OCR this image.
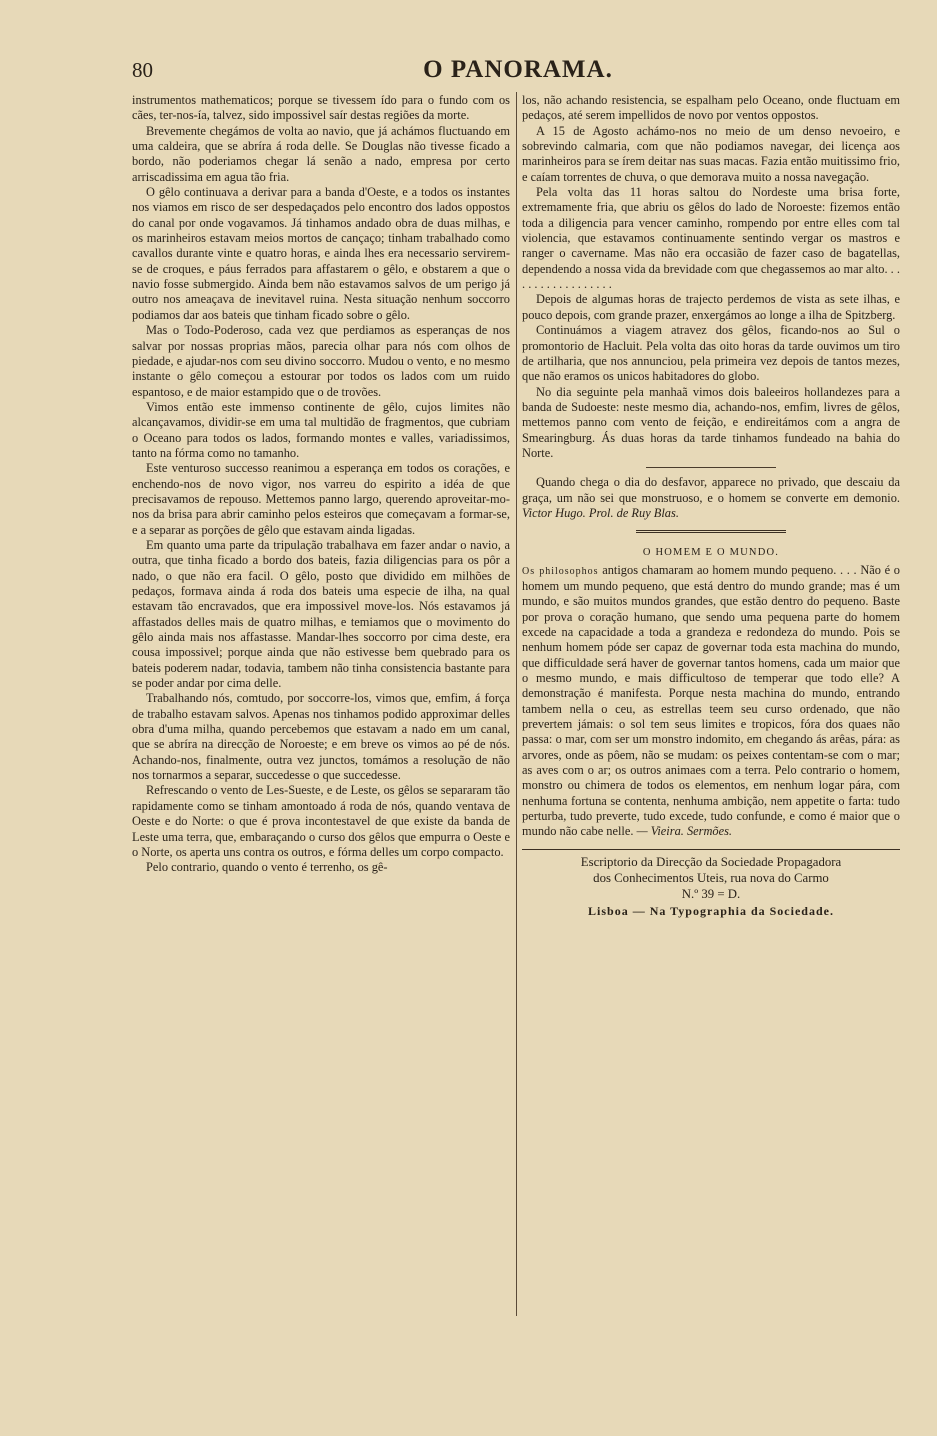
80	O PANORAMA.

instrumentos mathematicos; porque se tivessem ído para o fundo com os cães, ter-nos-ía, talvez, sido impossivel saír destas regiões da morte.

Brevemente chegámos de volta ao navio, que já achámos fluctuando em uma caldeira, que se abríra á roda delle. Se Douglas não tivesse ficado a bordo, não poderiamos chegar lá senão a nado, empresa por certo arriscadissima em agua tão fria.

O gêlo continuava a derivar para a banda d'Oeste, e a todos os instantes nos viamos em risco de ser despedaçados pelo encontro dos lados oppostos do canal por onde vogavamos. Já tinhamos andado obra de duas milhas, e os marinheiros estavam meios mortos de cançaço; tinham trabalhado como cavallos durante vinte e quatro horas, e ainda lhes era necessario servirem-se de croques, e páus ferrados para affastarem o gêlo, e obstarem a que o navio fosse submergido. Ainda bem não estavamos salvos de um perigo já outro nos ameaçava de inevitavel ruina. Nesta situação nenhum soccorro podiamos dar aos bateis que tinham ficado sobre o gêlo.

Mas o Todo-Poderoso, cada vez que perdiamos as esperanças de nos salvar por nossas proprias mãos, parecia olhar para nós com olhos de piedade, e ajudar-nos com seu divino soccorro. Mudou o vento, e no mesmo instante o gêlo começou a estourar por todos os lados com um ruido espantoso, e de maior estampido que o de trovões.

Vimos então este immenso continente de gêlo, cujos limites não alcançavamos, dividir-se em uma tal multidão de fragmentos, que cubriam o Oceano para todos os lados, formando montes e valles, variadissimos, tanto na fórma como no tamanho.

Este venturoso successo reanimou a esperança em todos os corações, e enchendo-nos de novo vigor, nos varreu do espirito a idéa de que precisavamos de repouso. Mettemos panno largo, querendo aproveitar-mo-nos da brisa para abrir caminho pelos esteiros que começavam a formar-se, e a separar as porções de gêlo que estavam ainda ligadas.

Em quanto uma parte da tripulação trabalhava em fazer andar o navio, a outra, que tinha ficado a bordo dos bateis, fazia diligencias para os pôr a nado, o que não era facil. O gêlo, posto que dividido em milhões de pedaços, formava ainda á roda dos bateis uma especie de ilha, na qual estavam tão encravados, que era impossivel move-los. Nós estavamos já affastados delles mais de quatro milhas, e temiamos que o movimento do gêlo ainda mais nos affastasse. Mandar-lhes soccorro por cima deste, era cousa impossivel; porque ainda que não estivesse bem quebrado para os bateis poderem nadar, todavia, tambem não tinha consistencia bastante para se poder andar por cima delle.

Trabalhando nós, comtudo, por soccorre-los, vimos que, emfim, á força de trabalho estavam salvos. Apenas nos tinhamos podido approximar delles obra d'uma milha, quando percebemos que estavam a nado em um canal, que se abríra na direcção de Noroeste; e em breve os vimos ao pé de nós. Achando-nos, finalmente, outra vez junctos, tomámos a resolução de não nos tornarmos a separar, succedesse o que succedesse.

Refrescando o vento de Les-Sueste, e de Leste, os gêlos se separaram tão rapidamente como se tinham amontoado á roda de nós, quando ventava de Oeste e do Norte: o que é prova incontestavel de que existe da banda de Leste uma terra, que, embaraçando o curso dos gêlos que empurra o Oeste e o Norte, os aperta uns contra os outros, e fórma delles um corpo compacto.

Pelo contrario, quando o vento é terrenho, os gê-

los, não achando resistencia, se espalham pelo Oceano, onde fluctuam em pedaços, até serem impellidos de novo por ventos oppostos.

A 15 de Agosto achámo-nos no meio de um denso nevoeiro, e sobrevindo calmaria, com que não podiamos navegar, dei licença aos marinheiros para se írem deitar nas suas macas. Fazia então muitissimo frio, e caíam torrentes de chuva, o que demorava muito a nossa navegação.

Pela volta das 11 horas saltou do Nordeste uma brisa forte, extremamente fria, que abriu os gêlos do lado de Noroeste: fizemos então toda a diligencia para vencer caminho, rompendo por entre elles com tal violencia, que estavamos continuamente sentindo vergar os mastros e ranger o cavername. Mas não era occasião de fazer caso de bagatellas, dependendo a nossa vida da brevidade com que chegassemos ao mar alto. . . . . . . . . . . . . . . . . .

Depois de algumas horas de trajecto perdemos de vista as sete ilhas, e pouco depois, com grande prazer, enxergámos ao longe a ilha de Spitzberg.

Continuámos a viagem atravez dos gêlos, ficando-nos ao Sul o promontorio de Hacluit. Pela volta das oito horas da tarde ouvimos um tiro de artilharia, que nos annunciou, pela primeira vez depois de tantos mezes, que não eramos os unicos habitadores do globo.

No dia seguinte pela manhaã vimos dois baleeiros hollandezes para a banda de Sudoeste: neste mesmo dia, achando-nos, emfim, livres de gêlos, mettemos panno com vento de feição, e endireitámos com a angra de Smearingburg. Ás duas horas da tarde tinhamos fundeado na bahia do Norte.

Quando chega o dia do desfavor, apparece no privado, que descaiu da graça, um não sei que monstruoso, e o homem se converte em demonio. Victor Hugo. Prol. de Ruy Blas.

O HOMEM E O MUNDO.

Os philosophos antigos chamaram ao homem mundo pequeno. . . . Não é o homem um mundo pequeno, que está dentro do mundo grande; mas é um mundo, e são muitos mundos grandes, que estão dentro do pequeno. Baste por prova o coração humano, que sendo uma pequena parte do homem excede na capacidade a toda a grandeza e redondeza do mundo. Pois se nenhum homem póde ser capaz de governar toda esta machina do mundo, que difficuldade será haver de governar tantos homens, cada um maior que o mesmo mundo, e mais difficultoso de temperar que todo elle? A demonstração é manifesta. Porque nesta machina do mundo, entrando tambem nella o ceu, as estrellas teem seu curso ordenado, que não prevertem jámais: o sol tem seus limites e tropicos, fóra dos quaes não passa: o mar, com ser um monstro indomito, em chegando ás arêas, pára: as arvores, onde as pôem, não se mudam: os peixes contentam-se com o mar; as aves com o ar; os outros animaes com a terra. Pelo contrario o homem, monstro ou chimera de todos os elementos, em nenhum logar pára, com nenhuma fortuna se contenta, nenhuma ambição, nem appetite o farta: tudo perturba, tudo preverte, tudo excede, tudo confunde, e como é maior que o mundo não cabe nelle. — Vieira. Sermões.

Escriptorio da Direcção da Sociedade Propagadora
dos Conhecimentos Uteis, rua nova do Carmo
N.º 39 = D.
Lisboa — Na Typographia da Sociedade.
